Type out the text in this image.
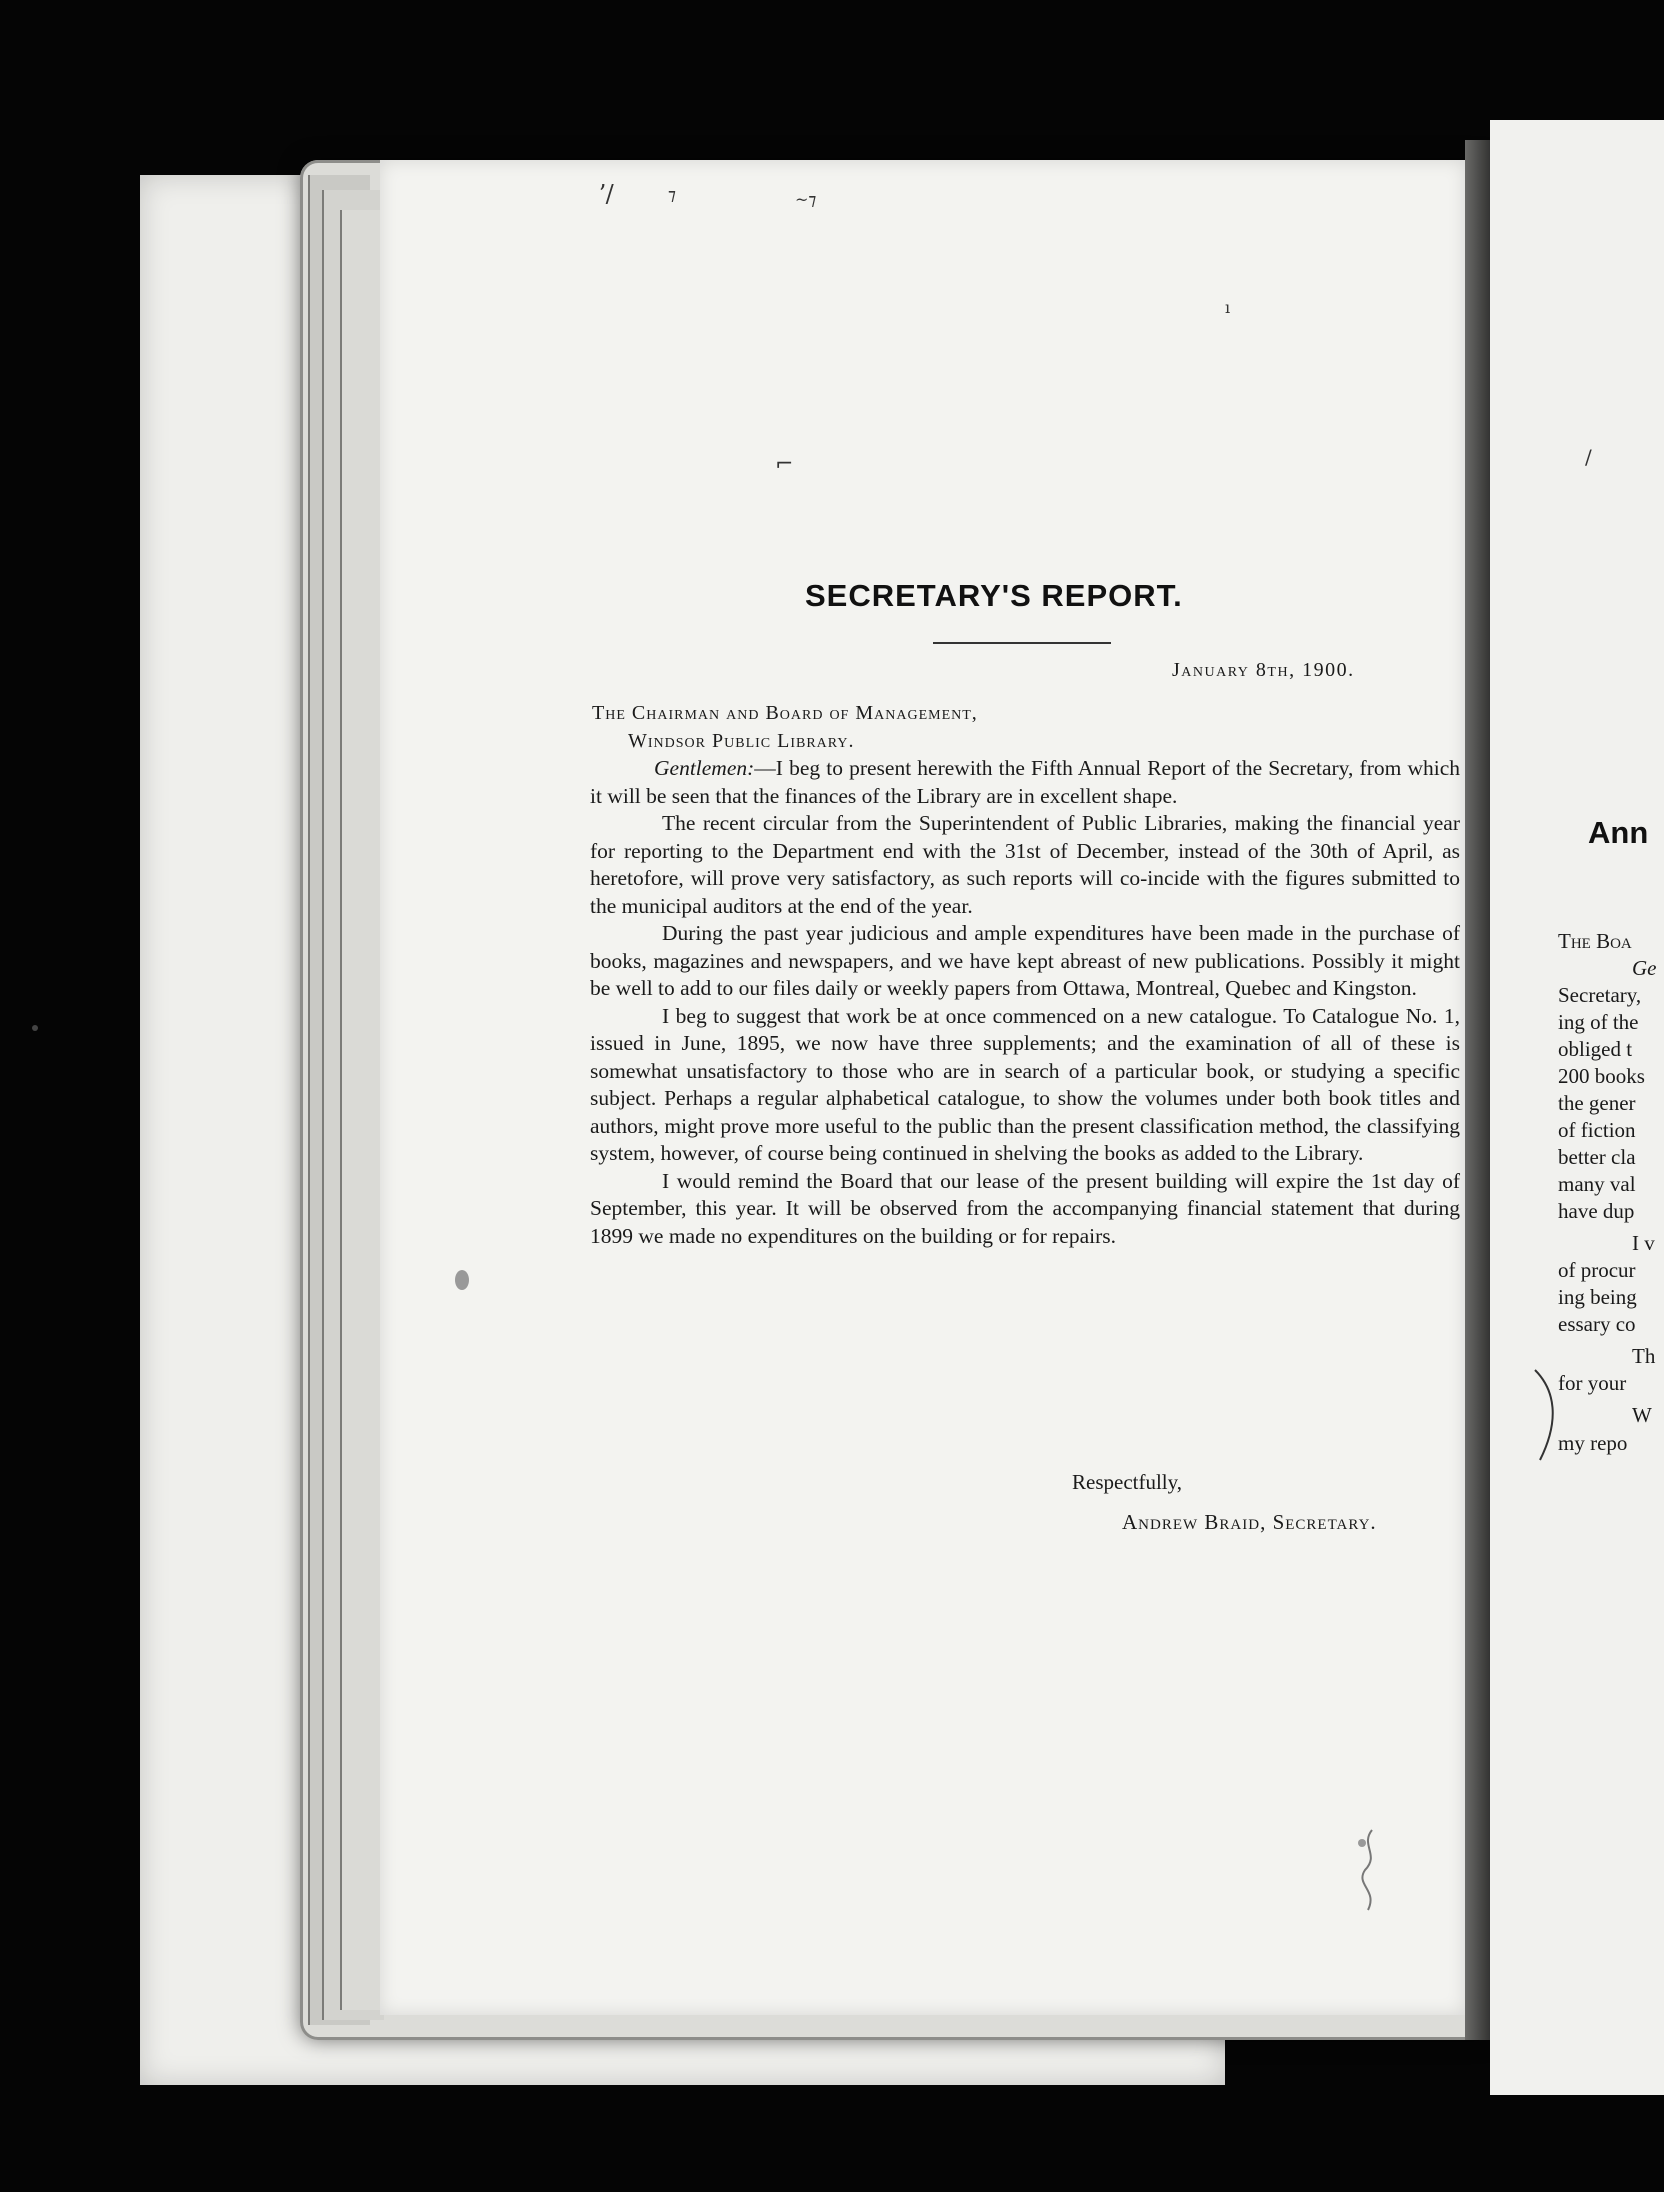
ʼ/	⁊	~⁊
ı
⌐
SECRETARY'S REPORT.
January 8th, 1900.
The Chairman and Board of Management,
Windsor Public Library.

Gentlemen:—I beg to present herewith the Fifth Annual Report of the Secretary, from which it will be seen that the finances of the Library are in excellent shape.

The recent circular from the Superintendent of Public Libraries, making the financial year for reporting to the Department end with the 31st of December, instead of the 30th of April, as heretofore, will prove very satisfactory, as such reports will co-incide with the figures submitted to the municipal auditors at the end of the year.

During the past year judicious and ample expenditures have been made in the purchase of books, magazines and newspapers, and we have kept abreast of new publications. Possibly it might be well to add to our files daily or weekly papers from Ottawa, Montreal, Quebec and Kingston.

I beg to suggest that work be at once commenced on a new catalogue. To Catalogue No. 1, issued in June, 1895, we now have three supplements; and the examination of all of these is somewhat unsatisfactory to those who are in search of a particular book, or studying a specific subject. Perhaps a regular alphabetical catalogue, to show the volumes under both book titles and authors, might prove more useful to the public than the present classification method, the classifying system, however, of course being continued in shelving the books as added to the Library.

I would remind the Board that our lease of the present building will expire the 1st day of September, this year. It will be observed from the accompanying financial statement that during 1899 we made no expenditures on the building or for repairs.

Respectfully,
Andrew Braid, Secretary.
Ann
The Boa
Ge
Secretary,
ing of the
obliged t
200 books
the gener
of fiction
better cla
many val
have dup
I v
of procur
ing being
essary co
Th
for your
W
my repo
/
